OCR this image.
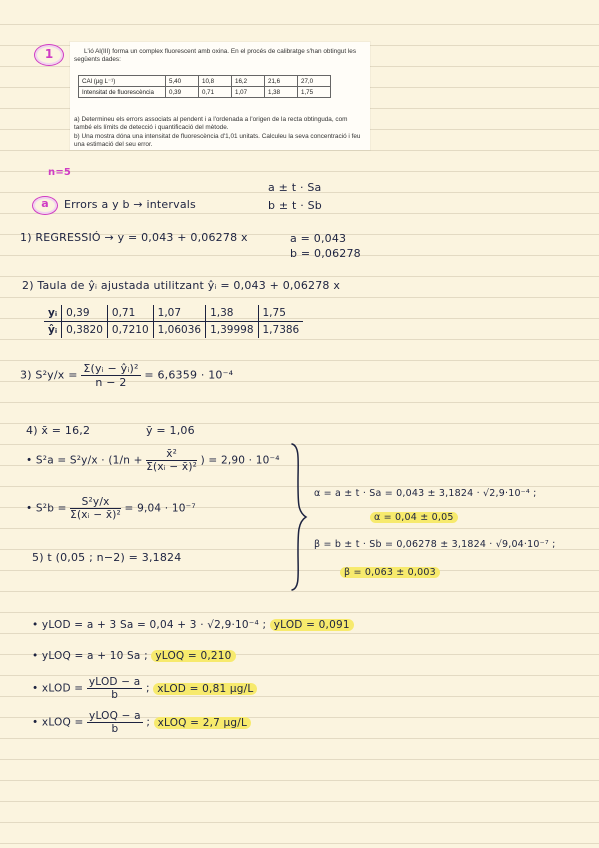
1	L'ió Al(III) forma un complex fluorescent amb oxina. En el procés de calibratge s'han obtingut les següents dades:
CAl (µg L⁻¹)	5,40	10,8	16,2	21,6	27,0
Intensitat de fluorescència	0,39	0,71	1,07	1,38	1,75
a) Determineu els errors associats al pendent i a l'ordenada a l'origen de la recta obtinguda, com també els límits de detecció i quantificació del mètode.
b) Una mostra dóna una intensitat de fluorescència d'1,01 unitats. Calculeu la seva concentració i feu una estimació del seu error.
n=5
a	Errors a y b → intervals
a ± t · Sa
b ± t · Sb
1) REGRESSIÓ → y = 0,043 + 0,06278 x	a = 0,043
b = 0,06278
2) Taula de ŷᵢ ajustada utilitzant ŷᵢ = 0,043 + 0,06278 x
yᵢ	0,39	0,71	1,07	1,38	1,75
ŷᵢ	0,3820	0,7210	1,06036	1,39998	1,7386
3) $S^2y/x = \frac{\text{Σ(yᵢ − ŷᵢ)²}}{n - 2} = 6,6359 \cdot 10^{-4}$
4) x̄ = 16,2	ȳ = 1,06
• $S^2a = S^2y/x \cdot (1/n + \frac{\text{x̄²}}{\text{Σ(xᵢ − x̄)²}}$ ) = 2,90 · 10⁻⁴
• $S^2b = \frac{\text{S²y/x}}{\text{Σ(xᵢ − x̄)²}} = 9,04 \cdot 10^{-7}$
5) t (0,05 ; n−2) = 3,1824
α = a ± t · Sa = 0,043 ± 3,1824 · √2,9·10⁻⁴ ;
α = 0,04 ± 0,05
β = b ± t · Sb = 0,06278 ± 3,1824 · √9,04·10⁻⁷ ;
β = 0,063 ± 0,003
• yLOD = a + 3 Sa = 0,04 + 3 · √2,9·10⁻⁴ ; yLOD = 0,091
• yLOQ = a + 10 Sa ; yLOQ = 0,210
• xLOD = $\frac{\text{yLOD − a}}{b}$ ; xLOD = 0,81 µg/L
• xLOQ = $\frac{\text{yLOQ − a}}{b}$ ; xLOQ = 2,7 µg/L
